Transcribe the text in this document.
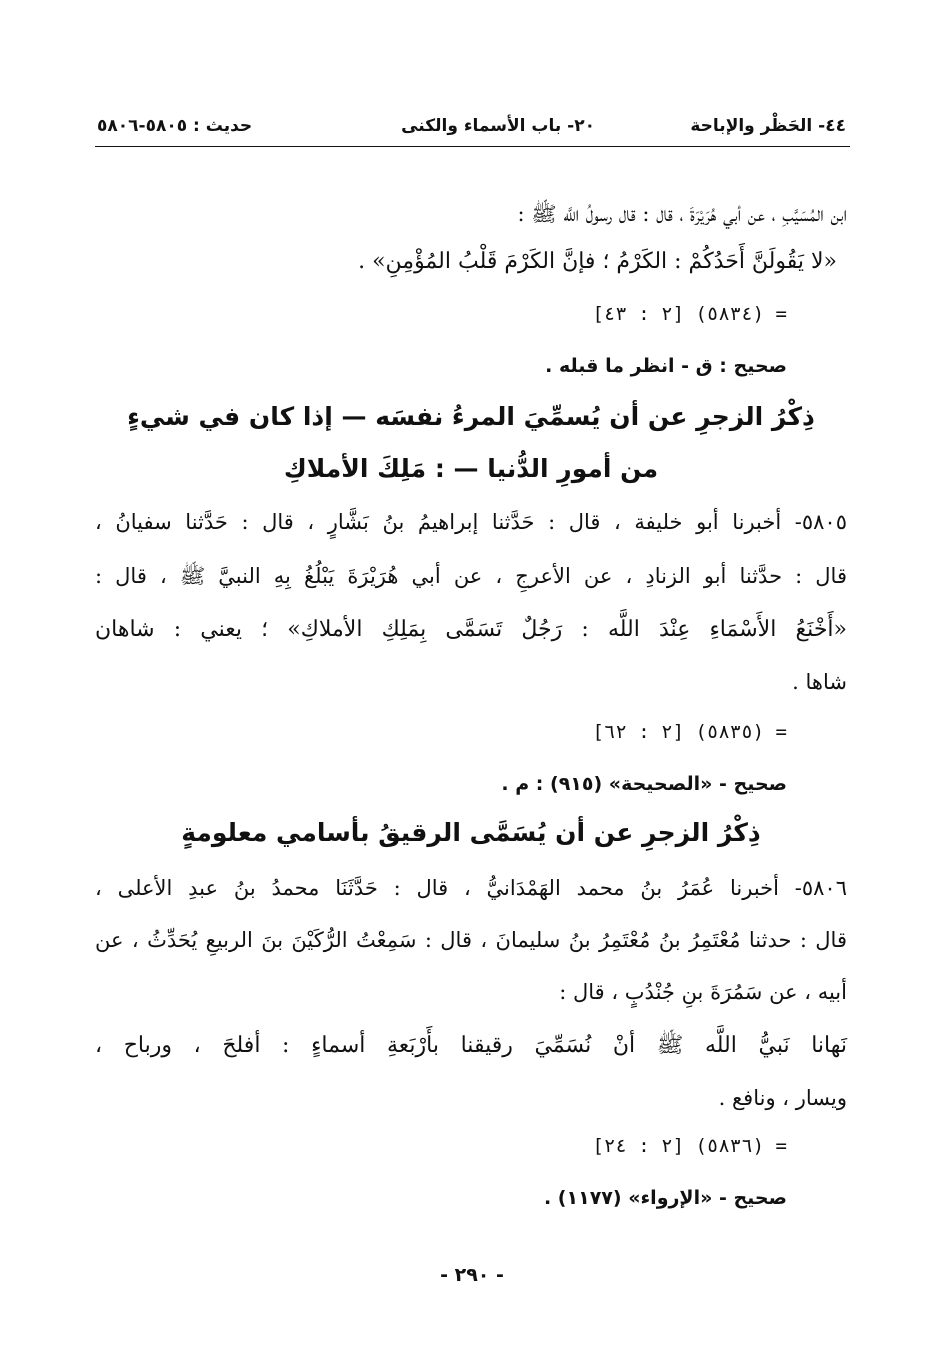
٤٤- الحَظْر والإباحة
٢٠- باب الأسماء والكنى
حديث : ٥٨٠٥-٥٨٠٦
ابن المُسَيَّبِ ، عن أبي هُرَيْرَةَ ، قال : قال رسولُ اللَّه ﷺ :
«لا يَقُولَنَّ أَحَدُكُمْ : الكَرْمُ ؛ فإنَّ الكَرْمَ قَلْبُ المُؤْمِنِ» .
= (٥٨٣٤) [٢ : ٤٣]
صحيح : ق - انظر ما قبله .
ذِكْرُ الزجرِ عن أن يُسمِّيَ المرءُ نفسَه — إذا كان في شيءٍ
من أمورِ الدُّنيا — : مَلِكَ الأملاكِ
٥٨٠٥- أخبرنا أبو خليفة ، قال : حَدَّثنا إبراهيمُ بنُ بَشَّارٍ ، قال : حَدَّثنا سفيانُ ،
قال : حدَّثنا أبو الزنادِ ، عن الأعرجِ ، عن أبي هُرَيْرَةَ يَبْلُغُ بِهِ النبيَّ ﷺ ، قال :
«أَخْنَعُ الأَسْمَاءِ عِنْدَ اللَّه : رَجُلٌ تَسَمَّى بِمَلِكِ الأملاكِ» ؛ يعني : شاهان
شاها .
= (٥٨٣٥) [٢ : ٦٢]
صحيح - «الصحيحة» (٩١٥) : م .
ذِكْرُ الزجرِ عن أن يُسَمَّى الرقيقُ بأسامي معلومةٍ
٥٨٠٦- أخبرنا عُمَرُ بنُ محمد الهَمْدَانيُّ ، قال : حَدَّثَنَا محمدُ بنُ عبدِ الأعلى ،
قال : حدثنا مُعْتَمِرُ بنُ مُعْتَمِرُ بنُ سليمانَ ، قال : سَمِعْتُ الرُّكَيْنَ بنَ الربيعِ يُحَدِّثُ ، عن
أبيه ، عن سَمُرَةَ بنِ جُنْدُبٍ ، قال :
نَهانا نَبيُّ اللَّه ﷺ أنْ نُسَمِّيَ رقيقنا بأَرْبَعةِ أسماءٍ : أفلحَ ، ورباح ،
ويسار ، ونافع .
= (٥٨٣٦) [٢ : ٢٤]
صحيح - «الإرواء» (١١٧٧) .
- ٢٩٠ -
